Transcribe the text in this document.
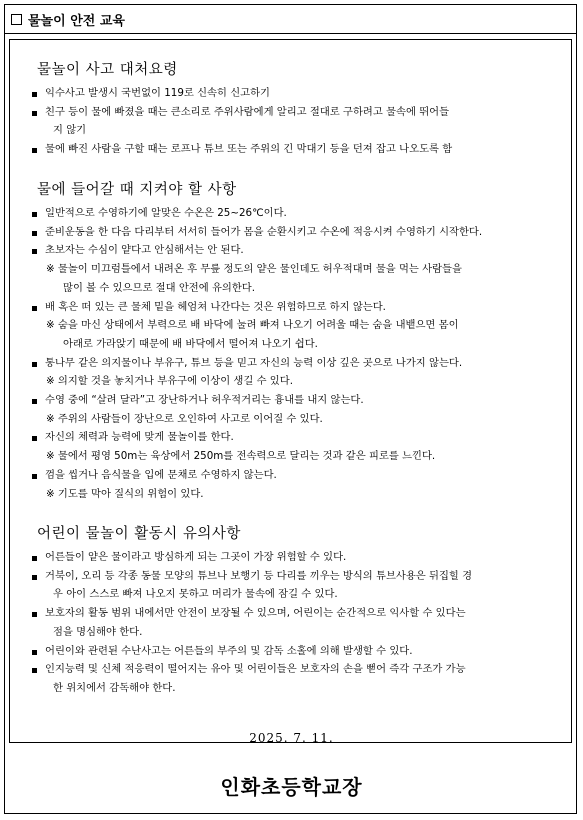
물놀이 안전 교육
물놀이 사고 대처요령
익수사고 발생시 국번없이 119로 신속히 신고하기
친구 등이 물에 빠졌을 때는 큰소리로 주위사람에게 알리고 절대로 구하려고 물속에 뛰어들
지 않기
물에 빠진 사람을 구할 때는 로프나 튜브 또는 주위의 긴 막대기 등을 던져 잡고 나오도록 함
물에 들어갈 때 지켜야 할 사항
일반적으로 수영하기에 알맞은 수온은 25~26℃이다.
준비운동을 한 다음 다리부터 서서히 들어가 몸을 순환시키고 수온에 적응시켜 수영하기 시작한다.
초보자는 수심이 얕다고 안심해서는 안 된다.
※ 물놀이 미끄럼틀에서 내려온 후 무릎 정도의 얕은 물인데도 허우적대며 물을 먹는 사람들을
많이 볼 수 있으므로 절대 안전에 유의한다.
배 혹은 떠 있는 큰 물체 밑을 헤엄쳐 나간다는 것은 위험하므로 하지 않는다.
※ 숨을 마신 상태에서 부력으로 배 바닥에 눌려 빠져 나오기 어려울 때는 숨을 내뱉으면 몸이
아래로 가라앉기 때문에 배 바닥에서 떨어져 나오기 쉽다.
통나무 같은 의지물이나 부유구, 튜브 등을 믿고 자신의 능력 이상 깊은 곳으로 나가지 않는다.
※ 의지할 것을 놓치거나 부유구에 이상이 생길 수 있다.
수영 중에 “살려 달라”고 장난하거나 허우적거리는 흉내를 내지 않는다.
※ 주위의 사람들이 장난으로 오인하여 사고로 이어질 수 있다.
자신의 체력과 능력에 맞게 물놀이를 한다.
※ 물에서 평영 50m는 육상에서 250m를 전속력으로 달리는 것과 같은 피로를 느낀다.
껌을 씹거나 음식물을 입에 문채로 수영하지 않는다.
※ 기도를 막아 질식의 위험이 있다.
어린이 물놀이 활동시 유의사항
어른들이 얕은 물이라고 방심하게 되는 그곳이 가장 위험할 수 있다.
거북이, 오리 등 각종 동물 모양의 튜브나 보행기 등 다리를 끼우는 방식의 튜브사용은 뒤집힐 경
우 아이 스스로 빠져 나오지 못하고 머리가 물속에 잠길 수 있다.
보호자의 활동 범위 내에서만 안전이 보장될 수 있으며, 어린이는 순간적으로 익사할 수 있다는
점을 명심해야 한다.
어린이와 관련된 수난사고는 어른들의 부주의 및 감독 소홀에 의해 발생할 수 있다.
인지능력 및 신체 적응력이 떨어지는 유아 및 어린이들은 보호자의 손을 뻗어 즉각 구조가 가능
한 위치에서 감독해야 한다.
2025. 7. 11.
인화초등학교장
